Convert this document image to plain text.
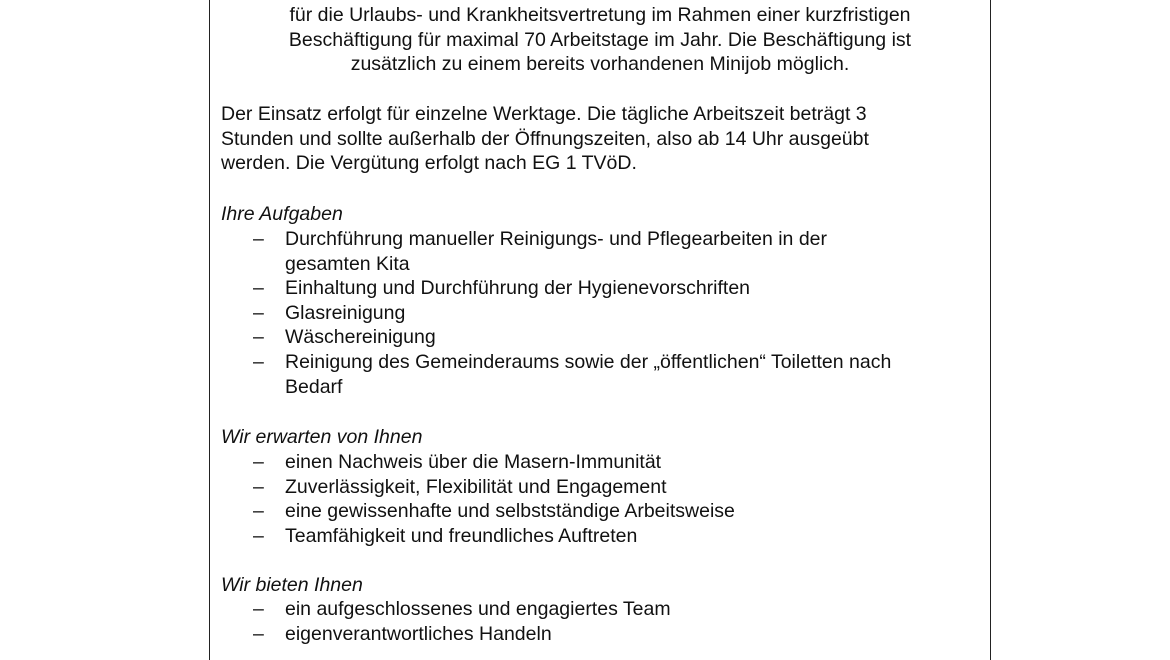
für die Urlaubs- und Krankheitsvertretung im Rahmen einer kurzfristigen
Beschäftigung für maximal 70 Arbeitstage im Jahr. Die Beschäftigung ist
zusätzlich zu einem bereits vorhandenen Minijob möglich.
Der Einsatz erfolgt für einzelne Werktage. Die tägliche Arbeitszeit beträgt 3
Stunden und sollte außerhalb der Öffnungszeiten, also ab 14 Uhr ausgeübt
werden. Die Vergütung erfolgt nach EG 1 TVöD.
Ihre Aufgaben
– Durchführung manueller Reinigungs- und Pflegearbeiten in der
gesamten Kita
– Einhaltung und Durchführung der Hygienevorschriften
– Glasreinigung
– Wäschereinigung
– Reinigung des Gemeinderaums sowie der „öffentlichen“ Toiletten nach
Bedarf
Wir erwarten von Ihnen
– einen Nachweis über die Masern-Immunität
– Zuverlässigkeit, Flexibilität und Engagement
– eine gewissenhafte und selbstständige Arbeitsweise
– Teamfähigkeit und freundliches Auftreten
Wir bieten Ihnen
– ein aufgeschlossenes und engagiertes Team
– eigenverantwortliches Handeln
